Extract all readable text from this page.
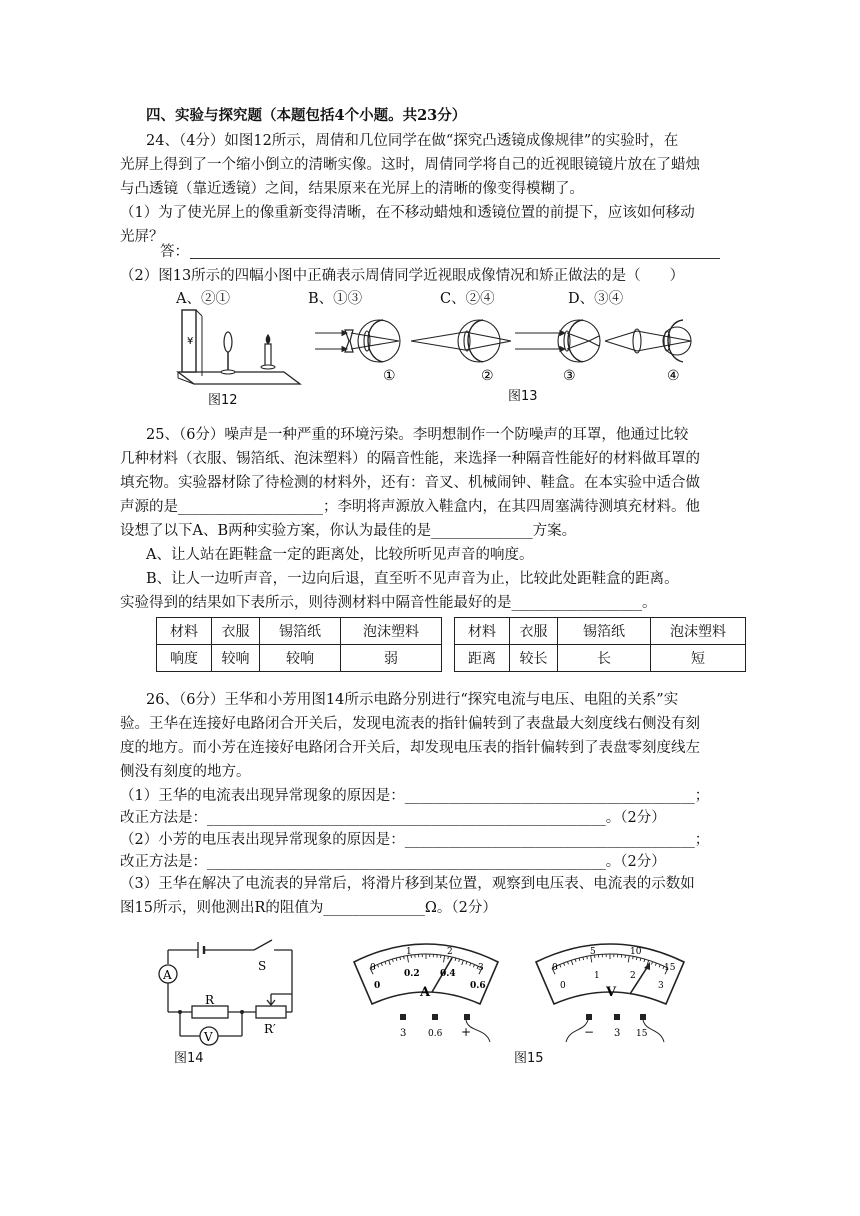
四、实验与探究题（本题包括4个小题。共23分）
24、（4分）如图12所示，周倩和几位同学在做“探究凸透镜成像规律”的实验时，在
光屏上得到了一个缩小倒立的清晰实像。这时，周倩同学将自己的近视眼镜镜片放在了蜡烛
与凸透镜（靠近透镜）之间，结果原来在光屏上的清晰的像变得模糊了。
（1）为了使光屏上的像重新变得清晰，在不移动蜡烛和透镜位置的前提下，应该如何移动
光屏？
答：
（2）图13所示的四幅小图中正确表示周倩同学近视眼成像情况和矫正做法的是（　　）
A、②①	B、①③	C、②④	D、③④
¥
图12
①	②	③	④
图13
25、（6分）噪声是一种严重的环境污染。李明想制作一个防噪声的耳罩，他通过比较
几种材料（衣服、锡箔纸、泡沫塑料）的隔音性能，来选择一种隔音性能好的材料做耳罩的
填充物。实验器材除了待检测的材料外，还有：音叉、机械闹钟、鞋盒。在本实验中适合做
声源的是____________________；李明将声源放入鞋盒内，在其四周塞满待测填充材料。他
设想了以下A、B两种实验方案，你认为最佳的是______________方案。
A、让人站在距鞋盒一定的距离处，比较所听见声音的响度。
B、让人一边听声音，一边向后退，直至听不见声音为止，比较此处距鞋盒的距离。
实验得到的结果如下表所示，则待测材料中隔音性能最好的是__________________。
材料	衣服	锡箔纸	泡沫塑料
响度	较响	较响	弱
材料	衣服	锡箔纸	泡沫塑料
距离	较长	长	短
26、（6分）王华和小芳用图14所示电路分别进行“探究电流与电压、电阻的关系”实
验。王华在连接好电路闭合开关后，发现电流表的指针偏转到了表盘最大刻度线右侧没有刻
度的地方。而小芳在连接好电路闭合开关后，却发现电压表的指针偏转到了表盘零刻度线左
侧没有刻度的地方。
（1）王华的电流表出现异常现象的原因是：________________________________________；
改正方法是：_______________________________________________________。（2分）
（2）小芳的电压表出现异常现象的原因是：________________________________________；
改正方法是：_______________________________________________________。（2分）
（3）王华在解决了电流表的异常后，将滑片移到某位置，观察到电压表、电流表的示数如
图15所示，则他测出R的阻值为______________Ω。（2分）
S
A
R
R′
V
图14
0
1	2
3
0
0.2 0.4
0.6
A
3 0.6 +
0
5	10
15
0
1	2
3
V
− 3 15
图15
